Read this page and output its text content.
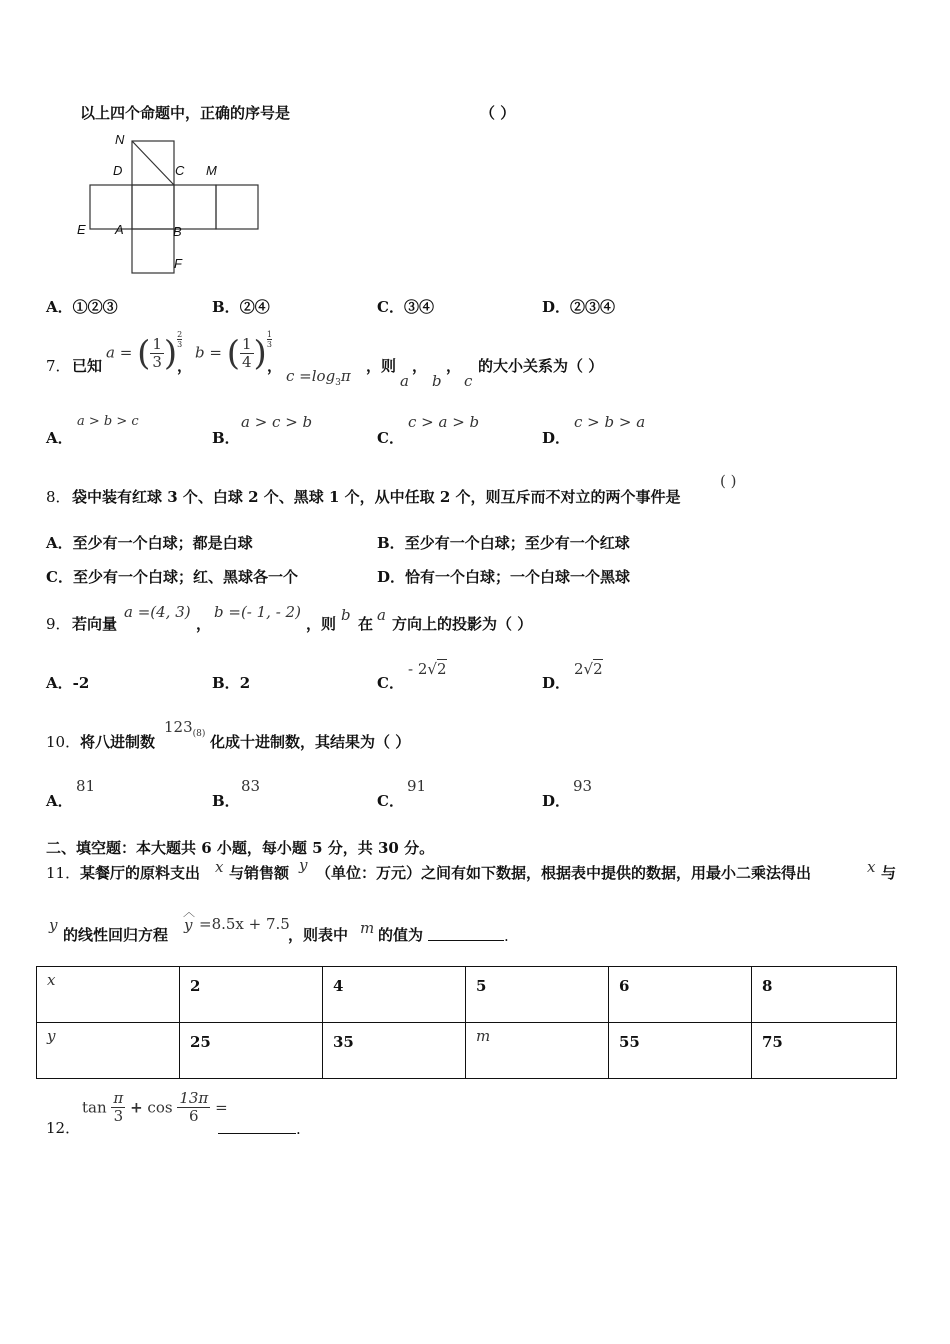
以上四个命题中，正确的序号是	（ ）
N
D	C M
E A	B
F
A．①②③	B．②④	C．③④	D．②③④
7． 已知
a = ( $\frac{1}{3}$ ) $\frac{2}{3}$
，
b = ( $\frac{1}{4}$ ) $\frac{1}{3}$
，
$c =\log_3\pi$
，则 ， ，
a b c
的大小关系为（ ）
A．
a > b > c
B．
a > c > b
C．
c > a > b
D．
c > b > a
8． 袋中装有红球 3 个、白球 2 个、黑球 1 个，从中任取 2 个，则互斥而不对立的两个事件是
( )
A．至少有一个白球；都是白球	B．至少有一个白球；至少有一个红球
C．至少有一个白球；红、黑球各一个	D．恰有一个白球；一个白球一个黑球
9． 若向量
a =(4, 3)
，
b =(- 1, - 2)
，则 b 在 a 方向上的投影为（ ）
A．-2	B．2	C．
- 2√2
D．
2√2
10． 将八进制数
$123_{(8)}$ 化成十进制数，其结果为（ ）
A．
81
B．
83
C．
91
D．
93
二、填空题：本大题共 6 小题，每小题 5 分，共 30 分。
11． 某餐厅的原料支出 x 与销售额 y （单位：万元）之间有如下数据，根据表中提供的数据，用最小二乘法得出	x 与
y
的线性回归方程
︿
y =8.5x + 7.5
，则表中 m 的值为	.
x	2	4	5	6	8
y	25	35	m	55	75
12．
$\tan \frac{\pi}{3} + \cos \frac{13\pi}{6}$ =
.
